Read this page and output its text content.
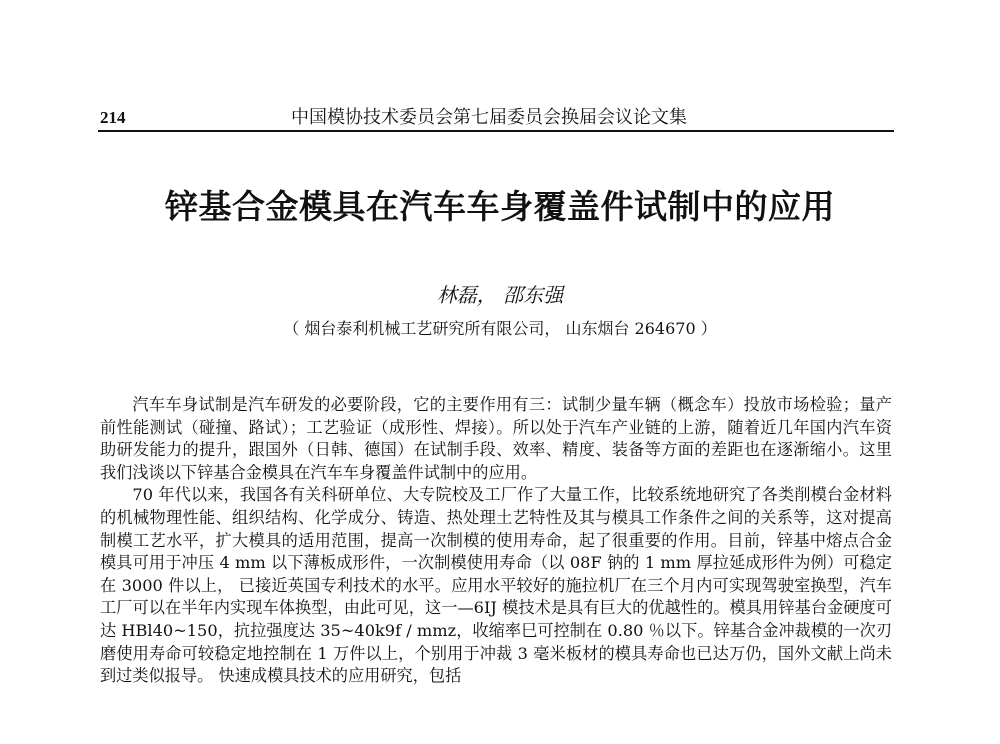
214	中国模协技术委员会第七届委员会换届会议论文集
锌基合金模具在汽车车身覆盖件试制中的应用
林磊， 邵东强
（ 烟台泰利机械工艺研究所有限公司， 山东烟台 264670 ）

汽车车身试制是汽车研发的必要阶段，它的主要作用有三：试制少量车辆（概念车）投放市场检验；量产前性能测试（碰撞、路试）；工艺验证（成形性、焊接）。所以处于汽车产业链的上游，随着近几年国内汽车资助研发能力的提升，跟国外（日韩、德国）在试制手段、效率、精度、装备等方面的差距也在逐渐缩小。这里我们浅谈以下锌基合金模具在汽车车身覆盖件试制中的应用。

70 年代以来，我国各有关科研单位、大专院校及工厂作了大量工作，比较系统地研究了各类削模台金材料的机械物理性能、组织结构、化学成分、铸造、热处理土艺特性及其与模具工作条件之间的关系等，这对提高制模工艺水平，扩大模具的适用范围，提高一次制模的使用寿命，起了很重要的作用。目前，锌基中熔点合金模具可用于冲压 4 mm 以下薄板成形件，一次制模使用寿命（以 08F 钠的 1 mm 厚拉延成形件为例）可稳定在 3000 件以上， 已接近英国专利技术的水平。应用水平较好的施拉机厂在三个月内可实现驾驶室换型，汽车工厂可以在半年内实现车体换型，由此可见，这一—6IJ 模技术是具有巨大的优越性的。模具用锌基台金硬度可达 HBl40~150，抗拉强度达 35~40k9f / mmz，收缩率巳可控制在 0.80 ％以下。锌基合金冲裁模的一次刃磨使用寿命可较稳定地控制在 1 万件以上，个别用于冲裁 3 毫米板材的模具寿命也已达万仍，国外文献上尚未到过类似报导。 快速成模具技术的应用研究，包括
